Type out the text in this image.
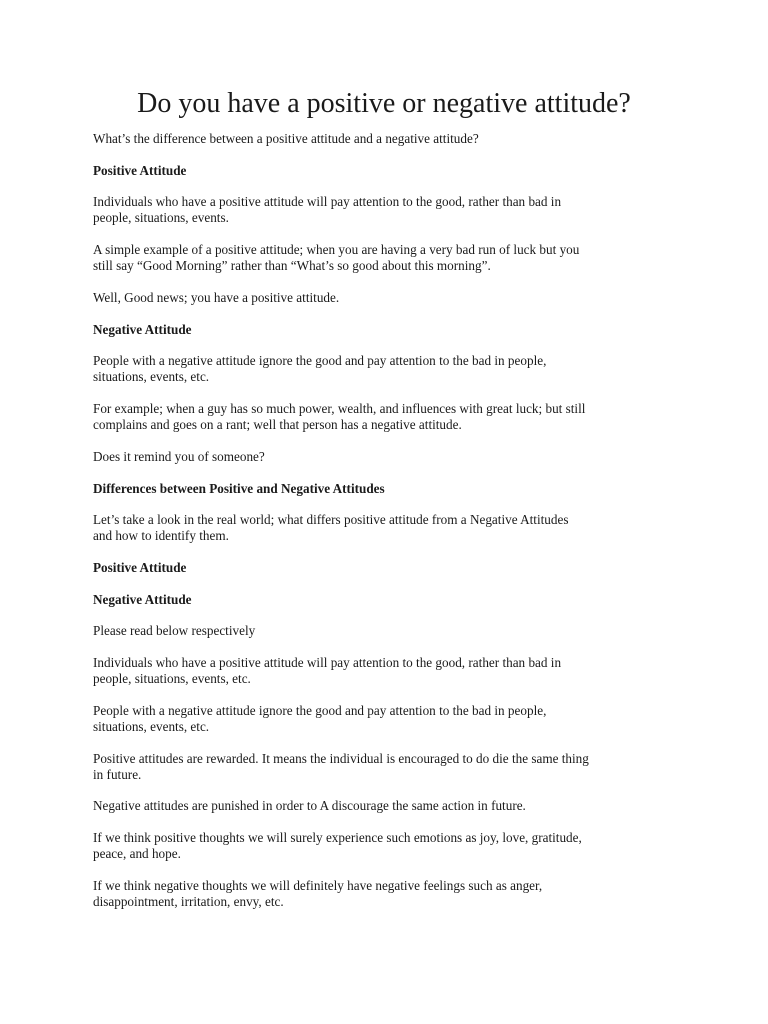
Do you have a positive or negative attitude?

What’s the difference between a positive attitude and a negative attitude?

Positive Attitude

Individuals who have a positive attitude will pay attention to the good, rather than bad in
people, situations, events.

A simple example of a positive attitude; when you are having a very bad run of luck but you
still say “Good Morning” rather than “What’s so good about this morning”.

Well, Good news; you have a positive attitude.

Negative Attitude

People with a negative attitude ignore the good and pay attention to the bad in people,
situations, events, etc.

For example; when a guy has so much power, wealth, and influences with great luck; but still
complains and goes on a rant; well that person has a negative attitude.

Does it remind you of someone?

Differences between Positive and Negative Attitudes

Let’s take a look in the real world; what differs positive attitude from a Negative Attitudes
and how to identify them.

Positive Attitude

Negative Attitude

Please read below respectively

Individuals who have a positive attitude will pay attention to the good, rather than bad in
people, situations, events, etc.

People with a negative attitude ignore the good and pay attention to the bad in people,
situations, events, etc.

Positive attitudes are rewarded. It means the individual is encouraged to do die the same thing
in future.

Negative attitudes are punished in order to A discourage the same action in future.

If we think positive thoughts we will surely experience such emotions as joy, love, gratitude,
peace, and hope.

If we think negative thoughts we will definitely have negative feelings such as anger,
disappointment, irritation, envy, etc.
